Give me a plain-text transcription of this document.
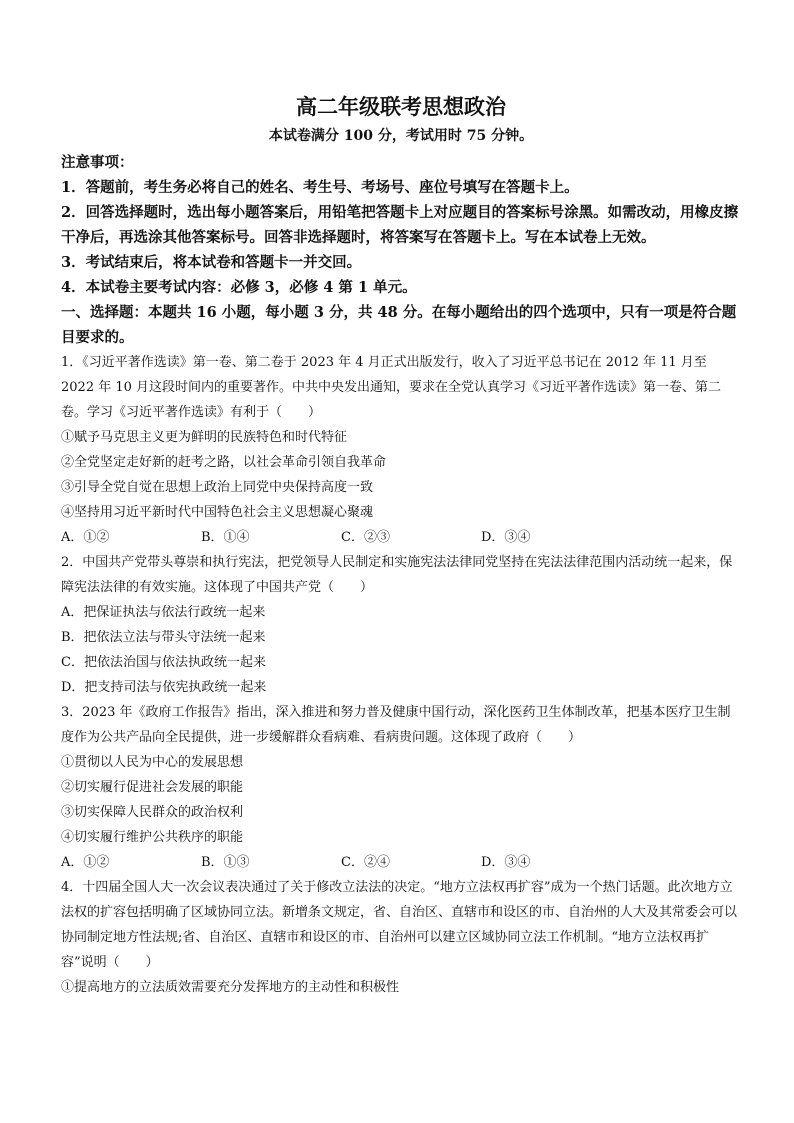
高二年级联考思想政治
本试卷满分 100 分，考试用时 75 分钟。
注意事项：
1．答题前，考生务必将自己的姓名、考生号、考场号、座位号填写在答题卡上。
2．回答选择题时，选出每小题答案后，用铅笔把答题卡上对应题目的答案标号涂黑。如需改动，用橡皮擦干净后，再选涂其他答案标号。回答非选择题时，将答案写在答题卡上。写在本试卷上无效。
3．考试结束后，将本试卷和答题卡一并交回。
4．本试卷主要考试内容：必修 3，必修 4 第 1 单元。
一、选择题：本题共 16 小题，每小题 3 分，共 48 分。在每小题给出的四个选项中，只有一项是符合题目要求的。
1．《习近平著作选读》第一卷、第二卷于 2023 年 4 月正式出版发行，收入了习近平总书记在 2012 年 11 月至 2022 年 10 月这段时间内的重要著作。中共中央发出通知，要求在全党认真学习《习近平著作选读》第一卷、第二卷。学习《习近平著作选读》有利于（　　）
①赋予马克思主义更为鲜明的民族特色和时代特征
②全党坚定走好新的赶考之路，以社会革命引领自我革命
③引导全党自觉在思想上政治上同党中央保持高度一致
④坚持用习近平新时代中国特色社会主义思想凝心聚魂
A．①②	B．①④	C．②③	D．③④
2．中国共产党带头尊崇和执行宪法，把党领导人民制定和实施宪法法律同党坚持在宪法法律范围内活动统一起来，保障宪法法律的有效实施。这体现了中国共产党（　　）
A．把保证执法与依法行政统一起来
B．把依法立法与带头守法统一起来
C．把依法治国与依法执政统一起来
D．把支持司法与依宪执政统一起来
3．2023 年《政府工作报告》指出，深入推进和努力普及健康中国行动，深化医药卫生体制改革，把基本医疗卫生制度作为公共产品向全民提供，进一步缓解群众看病难、看病贵问题。这体现了政府（　　）
①贯彻以人民为中心的发展思想
②切实履行促进社会发展的职能
③切实保障人民群众的政治权利
④切实履行维护公共秩序的职能
A．①②	B．①③	C．②④	D．③④
4．十四届全国人大一次会议表决通过了关于修改立法法的决定。“地方立法权再扩容”成为一个热门话题。此次地方立法权的扩容包括明确了区域协同立法。新增条文规定，省、自治区、直辖市和设区的市、自治州的人大及其常委会可以协同制定地方性法规;省、自治区、直辖市和设区的市、自治州可以建立区域协同立法工作机制。“地方立法权再扩容”说明（　　）
①提高地方的立法质效需要充分发挥地方的主动性和积极性
